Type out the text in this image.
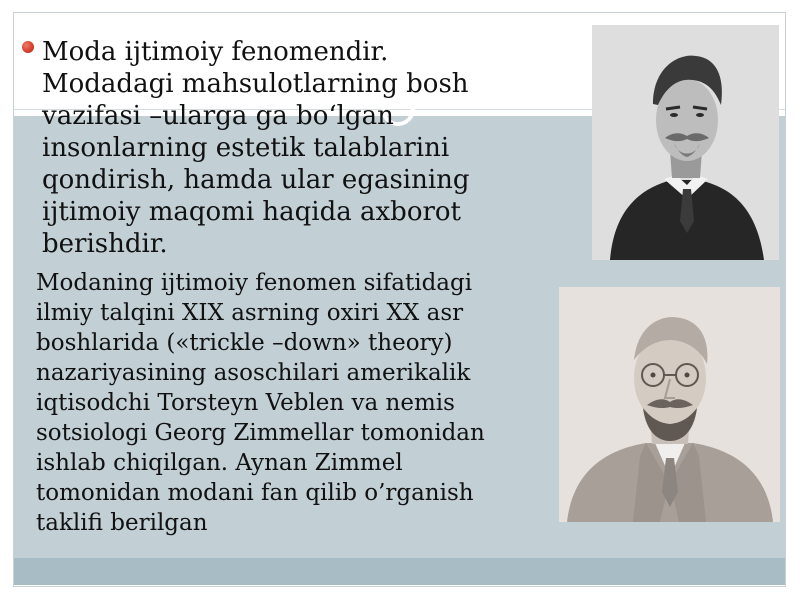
Moda ijtimoiy fenomendir.
Modadagi mahsulotlarning bosh
vazifasi –ularga ga boʻlgan
insonlarning estetik talablarini
qondirish, hamda ular egasining
ijtimoiy maqomi haqida axborot
berishdir.

Modaning ijtimoiy fenomen sifatidagi
ilmiy talqini XIX asrning oxiri XX asr
boshlarida («trickle –down» theory)
nazariyasining asoschilari amerikalik
iqtisodchi Torsteyn Veblen va nemis
sotsiologi Georg Zimmellar tomonidan
ishlab chiqilgan. Aynan Zimmel
tomonidan modani fan qilib o’rganish
taklifi berilgan
